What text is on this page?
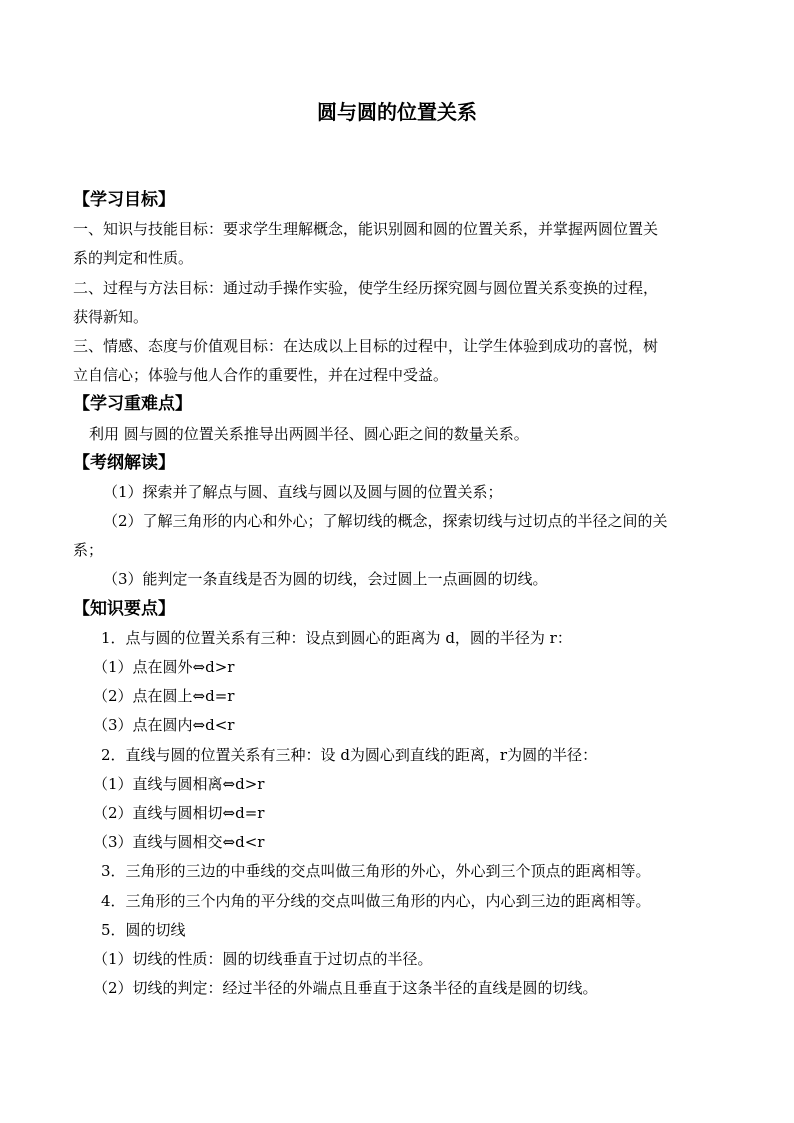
圆与圆的位置关系
【学习目标】
一、知识与技能目标：要求学生理解概念，能识别圆和圆的位置关系，并掌握两圆位置关
系的判定和性质。
二、过程与方法目标：通过动手操作实验，使学生经历探究圆与圆位置关系变换的过程，
获得新知。
三、情感、态度与价值观目标：在达成以上目标的过程中，让学生体验到成功的喜悦，树
立自信心；体验与他人合作的重要性，并在过程中受益。
【学习重难点】
利用 圆与圆的位置关系推导出两圆半径、圆心距之间的数量关系。
【考纲解读】
（1）探索并了解点与圆、直线与圆以及圆与圆的位置关系；
（2）了解三角形的内心和外心；了解切线的概念，探索切线与过切点的半径之间的关
系；
（3）能判定一条直线是否为圆的切线，会过圆上一点画圆的切线。
【知识要点】
1．点与圆的位置关系有三种：设点到圆心的距离为 d，圆的半径为 r：
（1）点在圆外⇔d>r
（2）点在圆上⇔d=r
（3）点在圆内⇔d<r
2．直线与圆的位置关系有三种：设 d为圆心到直线的距离，r为圆的半径：
（1）直线与圆相离⇔d>r
（2）直线与圆相切⇔d=r
（3）直线与圆相交⇔d<r
3．三角形的三边的中垂线的交点叫做三角形的外心，外心到三个顶点的距离相等。
4．三角形的三个内角的平分线的交点叫做三角形的内心，内心到三边的距离相等。
5．圆的切线
（1）切线的性质：圆的切线垂直于过切点的半径。
（2）切线的判定：经过半径的外端点且垂直于这条半径的直线是圆的切线。
